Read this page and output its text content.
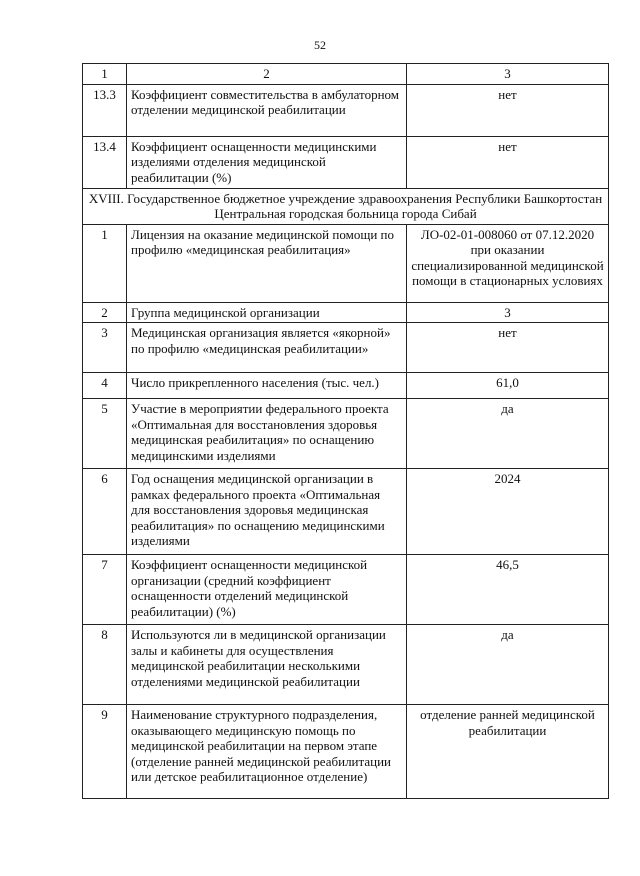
52
1	2	3
13.3	Коэффициент совместительства в амбулаторном отделении медицинской реабилитации	нет
13.4	Коэффициент оснащенности медицинскими изделиями отделения медицинской реабилитации (%)	нет
XVIII. Государственное бюджетное учреждение здравоохранения Республики Башкортостан Центральная городская больница города Сибай		
1	Лицензия на оказание медицинской помощи по профилю «медицинская реабилитация»	ЛО-02-01-008060 от 07.12.2020 при оказании специализированной медицинской помощи в стационарных условиях
2	Группа медицинской организации	3
3	Медицинская организация является «якорной» по профилю «медицинская реабилитации»	нет
4	Число прикрепленного населения (тыс. чел.)	61,0
5	Участие в мероприятии федерального проекта «Оптимальная для восстановления здоровья медицинская реабилитация» по оснащению медицинскими изделиями	да
6	Год оснащения медицинской организации в рамках федерального проекта «Оптимальная для восстановления здоровья медицинская реабилитация» по оснащению медицинскими изделиями	2024
7	Коэффициент оснащенности медицинской организации (средний коэффициент оснащенности отделений медицинской реабилитации) (%)	46,5
8	Используются ли в медицинской организации залы и кабинеты для осуществления медицинской реабилитации несколькими отделениями медицинской реабилитации	да
9	Наименование структурного подразделения, оказывающего медицинскую помощь по медицинской реабилитации на первом этапе (отделение ранней медицинской реабилитации или детское реабилитационное отделение)	отделение ранней медицинской реабилитации
